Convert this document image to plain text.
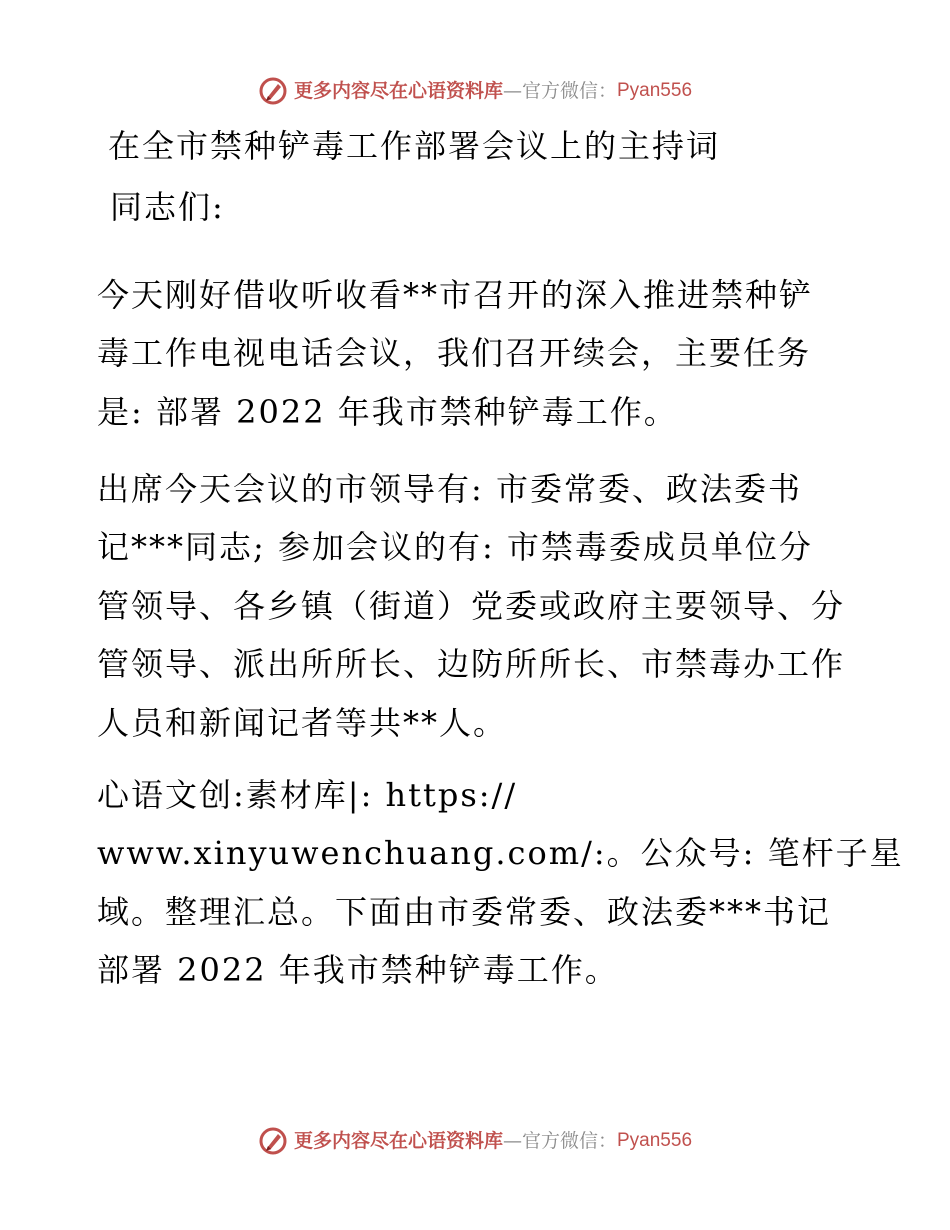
更多内容尽在心语资料库—官方微信：Pyan556
在全市禁种铲毒工作部署会议上的主持词

同志们:

今天刚好借收听收看**市召开的深入推进禁种铲
毒工作电视电话会议，我们召开续会，主要任务
是: 部署 2022 年我市禁种铲毒工作。

出席今天会议的市领导有: 市委常委、政法委书
记***同志; 参加会议的有: 市禁毒委成员单位分
管领导、各乡镇（街道）党委或政府主要领导、分
管领导、派出所所长、边防所所长、市禁毒办工作
人员和新闻记者等共**人。

心语文创:素材库|: https://
www.xinyuwenchuang.com/:。公众号: 笔杆子星
域。整理汇总。下面由市委常委、政法委***书记
部署 2022 年我市禁种铲毒工作。

更多内容尽在心语资料库—官方微信：Pyan556
